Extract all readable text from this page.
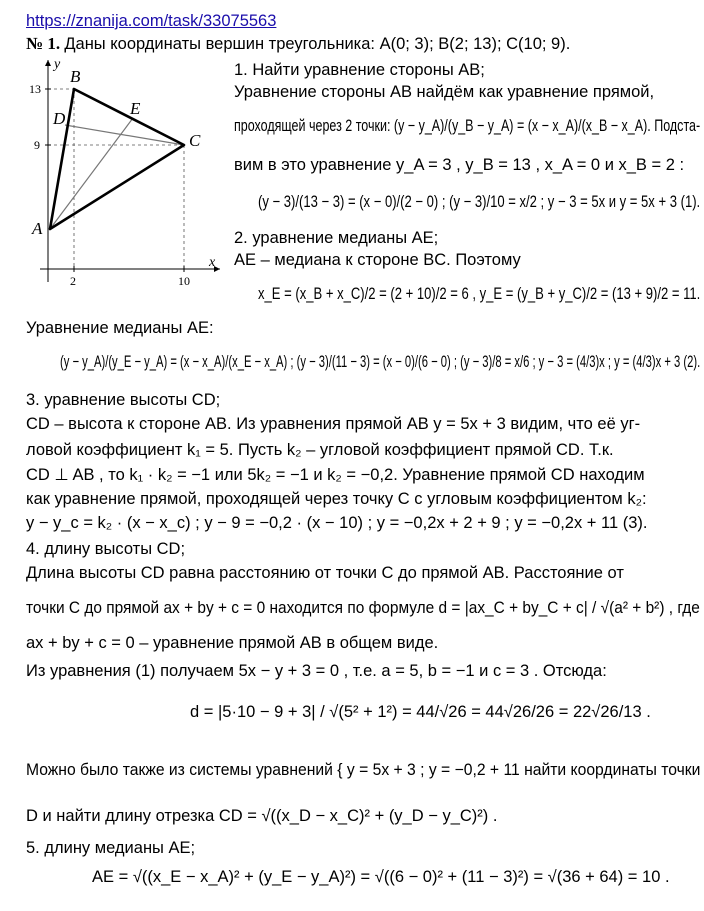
https://znanija.com/task/33075563
№ 1. Даны координаты вершин треугольника: A(0; 3); B(2; 13); C(10; 9).
13
9
2	10
y
x
A
B
C
D
E
1. Найти уравнение стороны AB;
Уравнение стороны AB найдём как уравнение прямой,
проходящей через 2 точки: (y − y_A)/(y_B − y_A) = (x − x_A)/(x_B − x_A). Подста-
вим в это уравнение y_A = 3 , y_B = 13 , x_A = 0 и x_B = 2 :
(y − 3)/(13 − 3) = (x − 0)/(2 − 0) ; (y − 3)/10 = x/2 ; y − 3 = 5x и y = 5x + 3 (1).
2. уравнение медианы AE;
AE – медиана к стороне BC. Поэтому
x_E = (x_B + x_C)/2 = (2 + 10)/2 = 6 , y_E = (y_B + y_C)/2 = (13 + 9)/2 = 11.
Уравнение медианы AE:
(y − y_A)/(y_E − y_A) = (x − x_A)/(x_E − x_A) ; (y − 3)/(11 − 3) = (x − 0)/(6 − 0) ; (y − 3)/8 = x/6 ; y − 3 = (4/3)x ; y = (4/3)x + 3 (2).
3. уравнение высоты CD;
CD – высота к стороне AB. Из уравнения прямой AB y = 5x + 3 видим, что её уг-
ловой коэффициент k₁ = 5. Пусть k₂ – угловой коэффициент прямой CD. Т.к.
CD ⊥ AB , то k₁ · k₂ = −1 или 5k₂ = −1 и k₂ = −0,2. Уравнение прямой CD находим
как уравнение прямой, проходящей через точку C с угловым коэффициентом k₂:
y − y_c = k₂ · (x − x_c) ; y − 9 = −0,2 · (x − 10) ; y = −0,2x + 2 + 9 ; y = −0,2x + 11 (3).
4. длину высоты CD;
Длина высоты CD равна расстоянию от точки C до прямой AB. Расстояние от
точки C до прямой ax + by + c = 0 находится по формуле d = |ax_C + by_C + c| / √(a² + b²) , где
ax + by + c = 0 – уравнение прямой AB в общем виде.
Из уравнения (1) получаем 5x − y + 3 = 0 , т.е. a = 5, b = −1 и c = 3 . Отсюда:
d = |5·10 − 9 + 3| / √(5² + 1²) = 44/√26 = 44√26/26 = 22√26/13 .
Можно было также из системы уравнений { y = 5x + 3 ; y = −0,2 + 11 найти координаты точки
D и найти длину отрезка CD = √((x_D − x_C)² + (y_D − y_C)²) .
5. длину медианы AE;
AE = √((x_E − x_A)² + (y_E − y_A)²) = √((6 − 0)² + (11 − 3)²) = √(36 + 64) = 10 .
